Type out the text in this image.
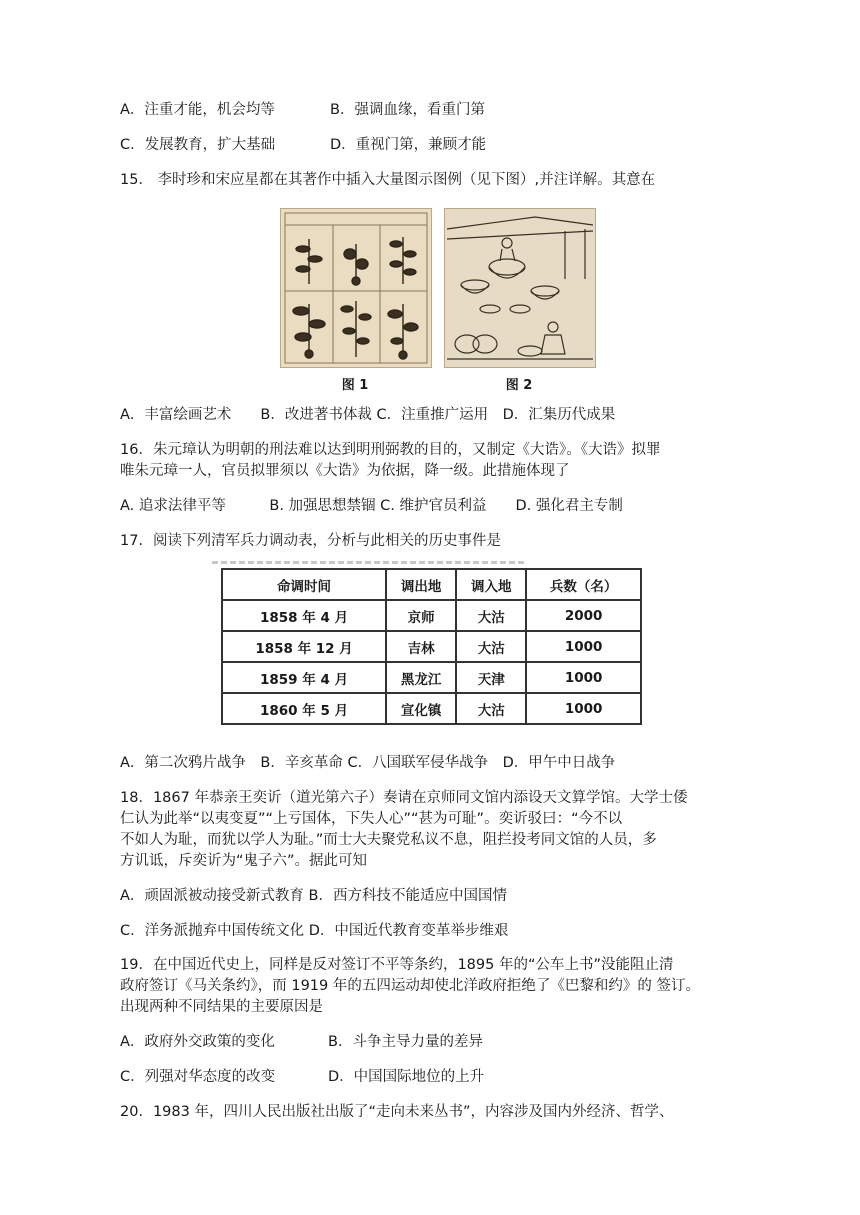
A．注重才能，机会均等	B．强调血缘，看重门第
C．发展教育，扩大基础	D．重视门第，兼顾才能
15． 李时珍和宋应星都在其著作中插入大量图示图例（见下图）,并注详解。其意在
图 1	图 2
A．丰富绘画艺术　　B．改进著书体裁 C．注重推广运用　D．汇集历代成果
16．朱元璋认为明朝的刑法难以达到明刑弼教的目的，又制定《大诰》。《大诰》拟罪
唯朱元璋一人，官员拟罪须以《大诰》为依据，降一级。此措施体现了
A. 追求法律平等　　　B. 加强思想禁锢 C. 维护官员利益　　D. 强化君主专制
17．阅读下列清军兵力调动表，分析与此相关的历史事件是
命调时间	调出地	调入地	兵数（名）
1858 年 4 月	京师	大沽	2000
1858 年 12 月	吉林	大沽	1000
1859 年 4 月	黑龙江	天津	1000
1860 年 5 月	宣化镇	大沽	1000
A．第二次鸦片战争　B．辛亥革命 C．八国联军侵华战争　D．甲午中日战争
18．1867 年恭亲王奕䜣（道光第六子）奏请在京师同文馆内添设天文算学馆。大学士倭
仁认为此举“以夷变夏”“上亏国体，下失人心”“甚为可耻”。奕䜣驳曰：“今不以
不如人为耻，而犹以学人为耻。”而士大夫聚党私议不息，阻拦投考同文馆的人员，多
方讥诋，斥奕䜣为“鬼子六”。据此可知
A．顽固派被动接受新式教育 B．西方科技不能适应中国国情
C．洋务派抛弃中国传统文化 D．中国近代教育变革举步维艰
19．在中国近代史上，同样是反对签订不平等条约，1895 年的“公车上书”没能阻止清
政府签订《马关条约》，而 1919 年的五四运动却使北洋政府拒绝了《巴黎和约》的 签订。
出现两种不同结果的主要原因是
A．政府外交政策的变化	B．斗争主导力量的差异
C．列强对华态度的改变	D．中国国际地位的上升
20．1983 年，四川人民出版社出版了“走向未来丛书”，内容涉及国内外经济、哲学、
